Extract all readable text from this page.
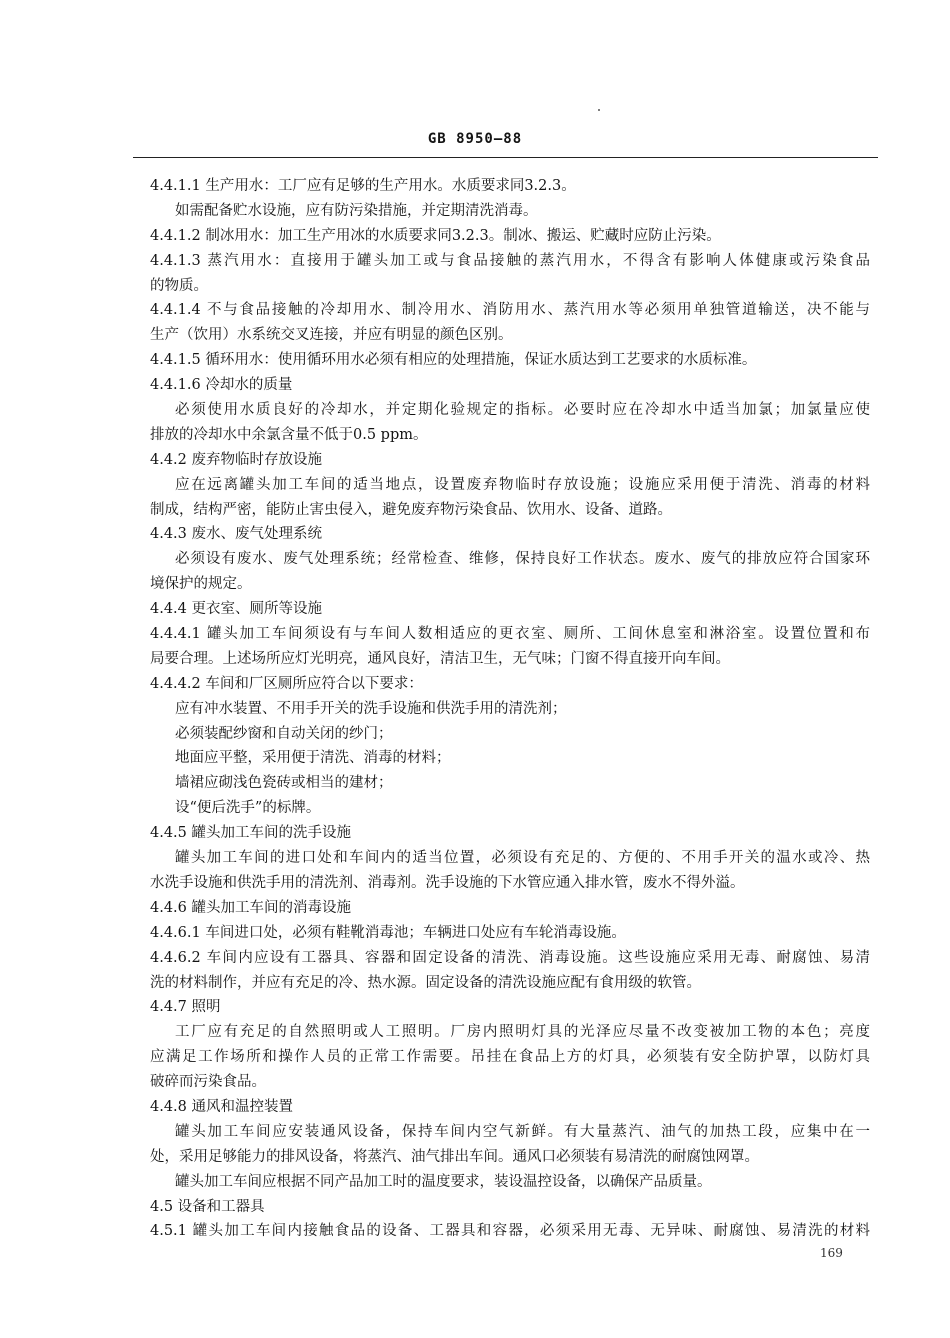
GB 8950—88
4.4.1.1 生产用水：工厂应有足够的生产用水。水质要求同3.2.3。
如需配备贮水设施，应有防污染措施，并定期清洗消毒。
4.4.1.2 制冰用水：加工生产用冰的水质要求同3.2.3。制冰、搬运、贮藏时应防止污染。
4.4.1.3 蒸汽用水：直接用于罐头加工或与食品接触的蒸汽用水，不得含有影响人体健康或污染食品
的物质。
4.4.1.4 不与食品接触的冷却用水、制冷用水、消防用水、蒸汽用水等必须用单独管道输送，决不能与
生产（饮用）水系统交叉连接，并应有明显的颜色区别。
4.4.1.5 循环用水：使用循环用水必须有相应的处理措施，保证水质达到工艺要求的水质标准。
4.4.1.6 冷却水的质量
必须使用水质良好的冷却水，并定期化验规定的指标。必要时应在冷却水中适当加氯；加氯量应使
排放的冷却水中余氯含量不低于0.5 ppm。
4.4.2 废弃物临时存放设施
应在远离罐头加工车间的适当地点，设置废弃物临时存放设施；设施应采用便于清洗、消毒的材料
制成，结构严密，能防止害虫侵入，避免废弃物污染食品、饮用水、设备、道路。
4.4.3 废水、废气处理系统
必须设有废水、废气处理系统；经常检查、维修，保持良好工作状态。废水、废气的排放应符合国家环
境保护的规定。
4.4.4 更衣室、厕所等设施
4.4.4.1 罐头加工车间须设有与车间人数相适应的更衣室、厕所、工间休息室和淋浴室。设置位置和布
局要合理。上述场所应灯光明亮，通风良好，清洁卫生，无气味；门窗不得直接开向车间。
4.4.4.2 车间和厂区厕所应符合以下要求：
应有冲水装置、不用手开关的洗手设施和供洗手用的清洗剂；
必须装配纱窗和自动关闭的纱门；
地面应平整，采用便于清洗、消毒的材料；
墙裙应砌浅色瓷砖或相当的建材；
设“便后洗手”的标牌。
4.4.5 罐头加工车间的洗手设施
罐头加工车间的进口处和车间内的适当位置，必须设有充足的、方便的、不用手开关的温水或冷、热
水洗手设施和供洗手用的清洗剂、消毒剂。洗手设施的下水管应通入排水管，废水不得外溢。
4.4.6 罐头加工车间的消毒设施
4.4.6.1 车间进口处，必须有鞋靴消毒池；车辆进口处应有车轮消毒设施。
4.4.6.2 车间内应设有工器具、容器和固定设备的清洗、消毒设施。这些设施应采用无毒、耐腐蚀、易清
洗的材料制作，并应有充足的冷、热水源。固定设备的清洗设施应配有食用级的软管。
4.4.7 照明
工厂应有充足的自然照明或人工照明。厂房内照明灯具的光泽应尽量不改变被加工物的本色；亮度
应满足工作场所和操作人员的正常工作需要。吊挂在食品上方的灯具，必须装有安全防护罩，以防灯具
破碎而污染食品。
4.4.8 通风和温控装置
罐头加工车间应安装通风设备，保持车间内空气新鲜。有大量蒸汽、油气的加热工段，应集中在一
处，采用足够能力的排风设备，将蒸汽、油气排出车间。通风口必须装有易清洗的耐腐蚀网罩。
罐头加工车间应根据不同产品加工时的温度要求，装设温控设备，以确保产品质量。
4.5 设备和工器具
4.5.1 罐头加工车间内接触食品的设备、工器具和容器，必须采用无毒、无异味、耐腐蚀、易清洗的材料
169
